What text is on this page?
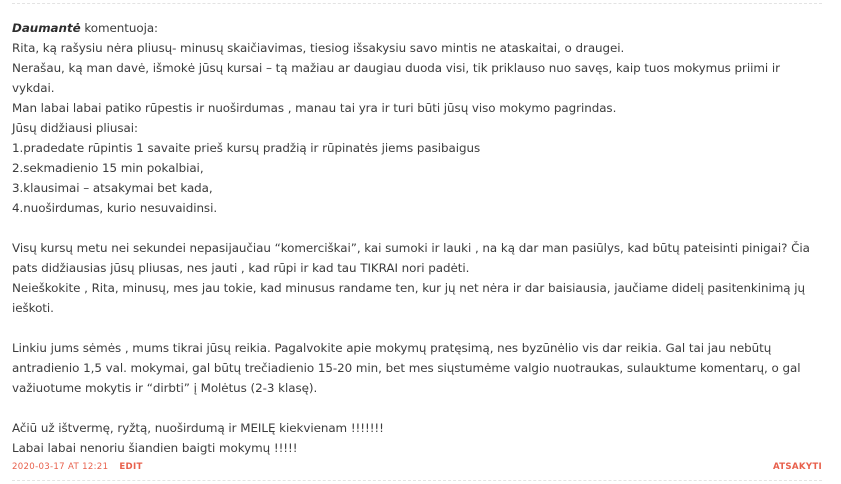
Daumantė komentuoja:

Rita, ką rašysiu nėra pliusų- minusų skaičiavimas, tiesiog išsakysiu savo mintis ne ataskaitai, o draugei.

Nerašau, ką man davė, išmokė jūsų kursai – tą mažiau ar daugiau duoda visi, tik priklauso nuo savęs, kaip tuos mokymus priimi ir vykdai.

Man labai labai patiko rūpestis ir nuoširdumas , manau tai yra ir turi būti jūsų viso mokymo pagrindas.

Jūsų didžiausi pliusai:

1.pradedate rūpintis 1 savaite prieš kursų pradžią ir rūpinatės jiems pasibaigus

2.sekmadienio 15 min pokalbiai,

3.klausimai – atsakymai bet kada,

4.nuoširdumas, kurio nesuvaidinsi.

Visų kursų metu nei sekundei nepasijaučiau “komerciškai”, kai sumoki ir lauki , na ką dar man pasiūlys, kad būtų pateisinti pinigai? Čia pats didžiausias jūsų pliusas, nes jauti , kad rūpi ir kad tau TIKRAI nori padėti.

Neieškokite , Rita, minusų, mes jau tokie, kad minusus randame ten, kur jų net nėra ir dar baisiausia, jaučiame didelį pasitenkinimą jų ieškoti.

Linkiu jums sėmės , mums tikrai jūsų reikia. Pagalvokite apie mokymų pratęsimą, nes byzūnėlio vis dar reikia. Gal tai jau nebūtų antradienio 1,5 val. mokymai, gal būtų trečiadienio 15-20 min, bet mes siųstumėme valgio nuotraukas, sulauktume komentarų, o gal važiuotume mokytis ir “dirbti” į Molėtus (2-3 klasę).

Ačiū už ištvermę, ryžtą, nuoširdumą ir MEILĘ kiekvienam !!!!!!!

Labai labai nenoriu šiandien baigti mokymų !!!!!

2020-03-17 AT 12:21 EDIT	ATSAKYTI
